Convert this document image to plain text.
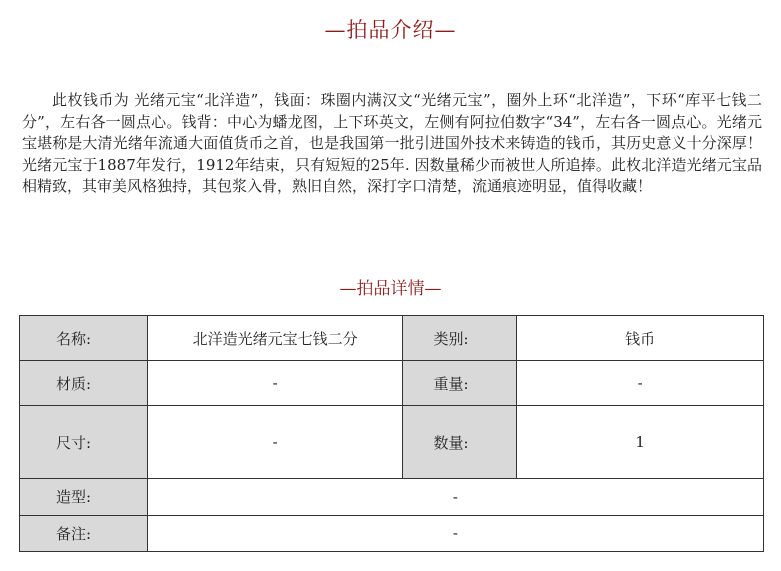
—拍品介绍—

此枚钱币为 光绪元宝“北洋造”，钱面：珠圈内满汉文“光绪元宝”，圈外上环“北洋造”，下环“库平七钱二分”，左右各一圆点心。钱背：中心为蟠龙图，上下环英文，左侧有阿拉伯数字“34”，左右各一圆点心。光绪元宝堪称是大清光绪年流通大面值货币之首，也是我国第一批引进国外技术来铸造的钱币，其历史意义十分深厚！光绪元宝于1887年发行，1912年结束，只有短短的25年. 因数量稀少而被世人所追捧。此枚北洋造光绪元宝品相精致，其审美风格独持，其包浆入骨，熟旧自然，深打字口清楚，流通痕迹明显，值得收藏！

—拍品详情—
名称:	北洋造光绪元宝七钱二分	类别:	钱币
材质:	-	重量:	-
尺寸:	-	数量:	1
造型:	-		
备注:	-		
